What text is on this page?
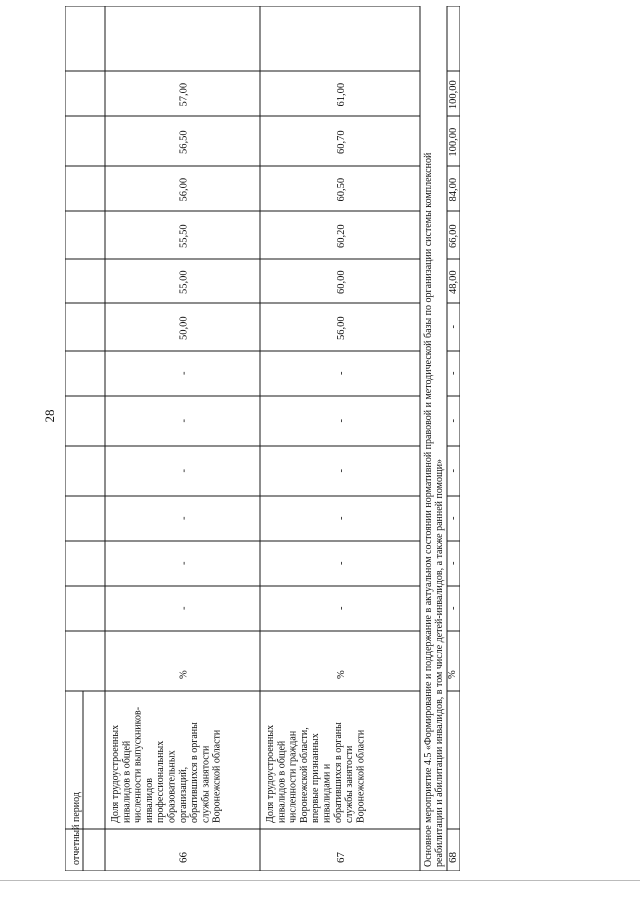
28
отчетный период	66
Доля трудоустроенных инвалидов в общей численности выпускников- инвалидов профессиональных образовательных организаций, обратившихся в органы службы занятости Воронежской области
%
-
-
-
-
-
-
50,00
55,00
55,50
56,00
56,50
57,00
67
Доля трудоустроенных инвалидов в общей численности граждан Воронежской области, впервые признанных инвалидами и обратившихся в органы службы занятости Воронежской области
%
-
-
-
-
-
-
56,00
60,00
60,20
60,50
60,70
61,00
68
%
-
-
-
-
-
-
-
48,00
66,00
84,00
100,00
100,00
Основное мероприятие 4.5 «Формирование и поддержание в актуальном состоянии нормативной правовой и методической базы по организации системы комплексной реабилитации и абилитации инвалидов, в том числе детей-инвалидов, а также ранней помощи»
